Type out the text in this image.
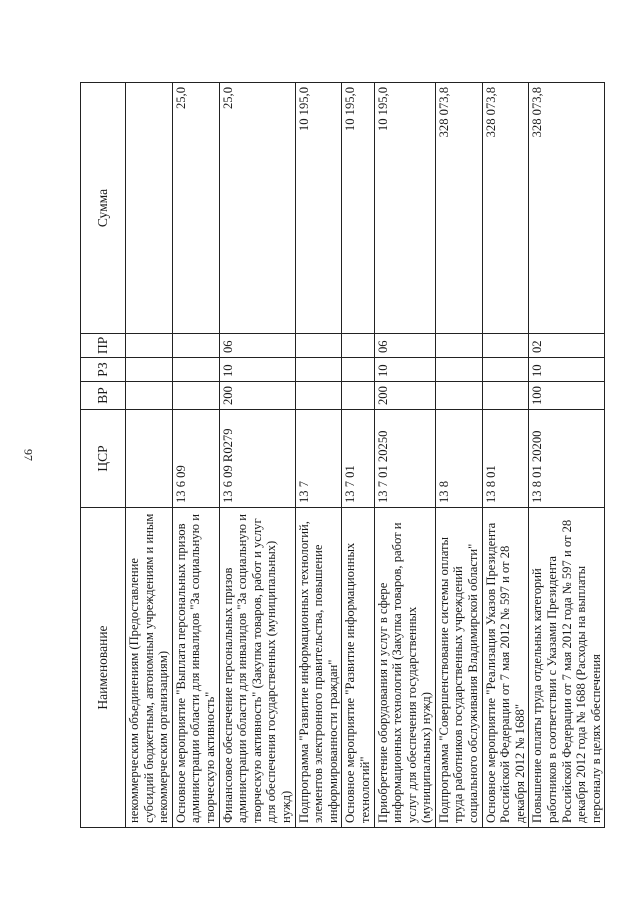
97
Наименование	ЦСР	ВР	РЗ	ПР	Сумма
некоммерческим объединениям (Предоставление субсидий бюджетным, автономным учреждениям и иным некоммерческим организациям)					
Основное мероприятие "Выплата персональных призов администрации области для инвалидов "За социальную и творческую активность"	13 6 09				25,0
Финансовое обеспечение персональных призов администрации области для инвалидов "За социальную и творческую активность" (Закупка товаров, работ и услуг для обеспечения государственных (муниципальных) нужд)	13 6 09 R0279	200	10	06	25,0
Подпрограмма "Развитие информационных технологий, элементов электронного правительства, повышение информированности граждан"	13 7				10 195,0
Основное мероприятие "Развитие информационных технологий"	13 7 01				10 195,0
Приобретение оборудования и услуг в сфере информационных технологий (Закупка товаров, работ и услуг для обеспечения государственных (муниципальных) нужд)	13 7 01 20250	200	10	06	10 195,0
Подпрограмма "Совершенствование системы оплаты труда работников государственных учреждений социального обслуживания Владимирской области"	13 8				328 073,8
Основное мероприятие "Реализация Указов Президента Российской Федерации от 7 мая 2012 № 597 и от 28 декабря 2012 № 1688"	13 8 01				328 073,8
Повышение оплаты труда отдельных категорий работников в соответствии с Указами Президента Российской Федерации от 7 мая 2012 года № 597 и от 28 декабря 2012 года № 1688 (Расходы на выплаты персоналу в целях обеспечения	13 8 01 20200	100	10	02	328 073,8
